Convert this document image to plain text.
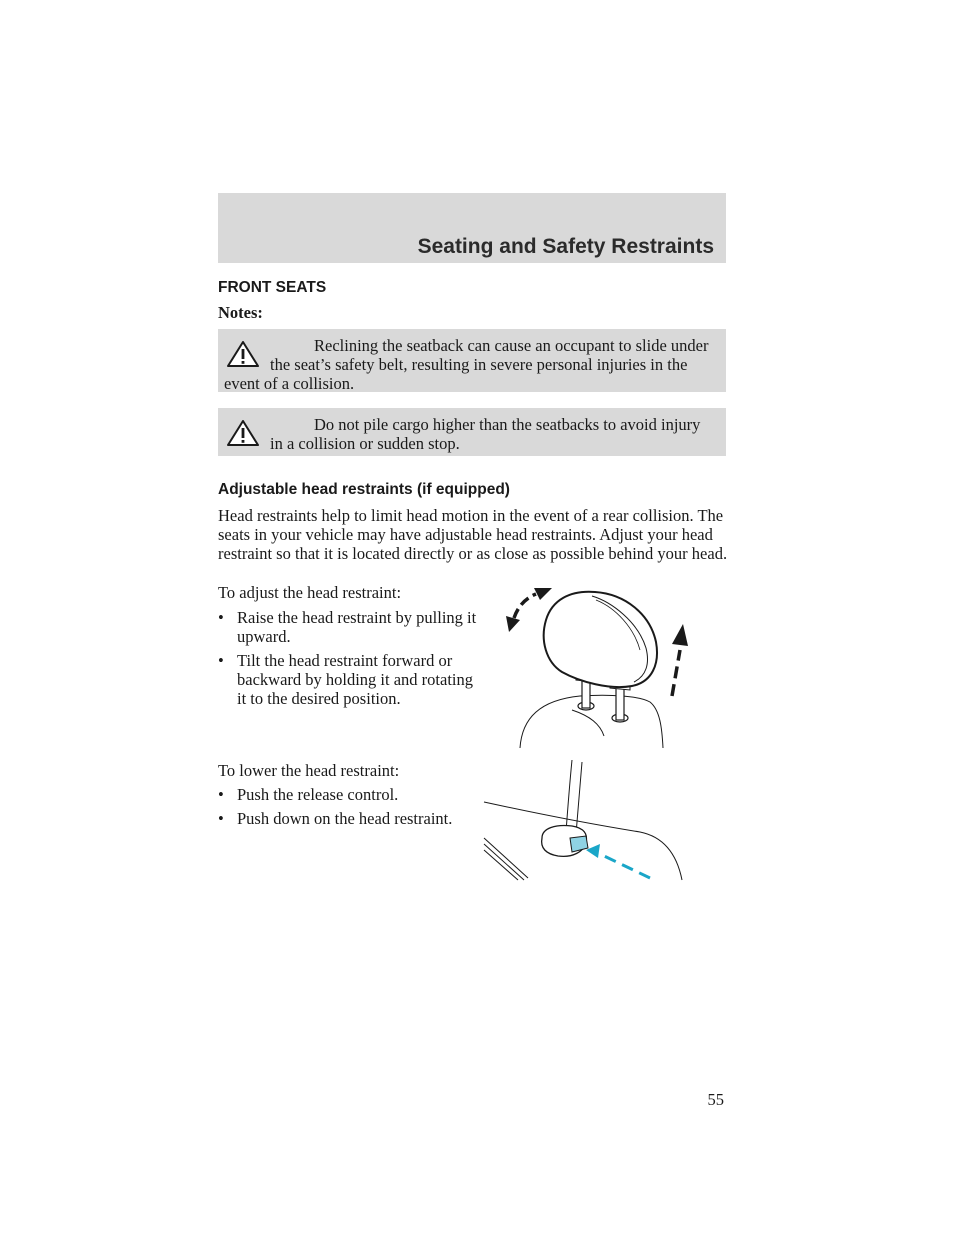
Seating and Safety Restraints
FRONT SEATS
Notes:
Reclining the seatback can cause an occupant to slide under the seat’s safety belt, resulting in severe personal injuries in the event of a collision.
Do not pile cargo higher than the seatbacks to avoid injury in a collision or sudden stop.
Adjustable head restraints (if equipped)
Head restraints help to limit head motion in the event of a rear collision. The seats in your vehicle may have adjustable head restraints. Adjust your head restraint so that it is located directly or as close as possible behind your head.
To adjust the head restraint:
• Raise the head restraint by pulling it upward.
• Tilt the head restraint forward or backward by holding it and rotating it to the desired position.
To lower the head restraint:
• Push the release control.
• Push down on the head restraint.
55
